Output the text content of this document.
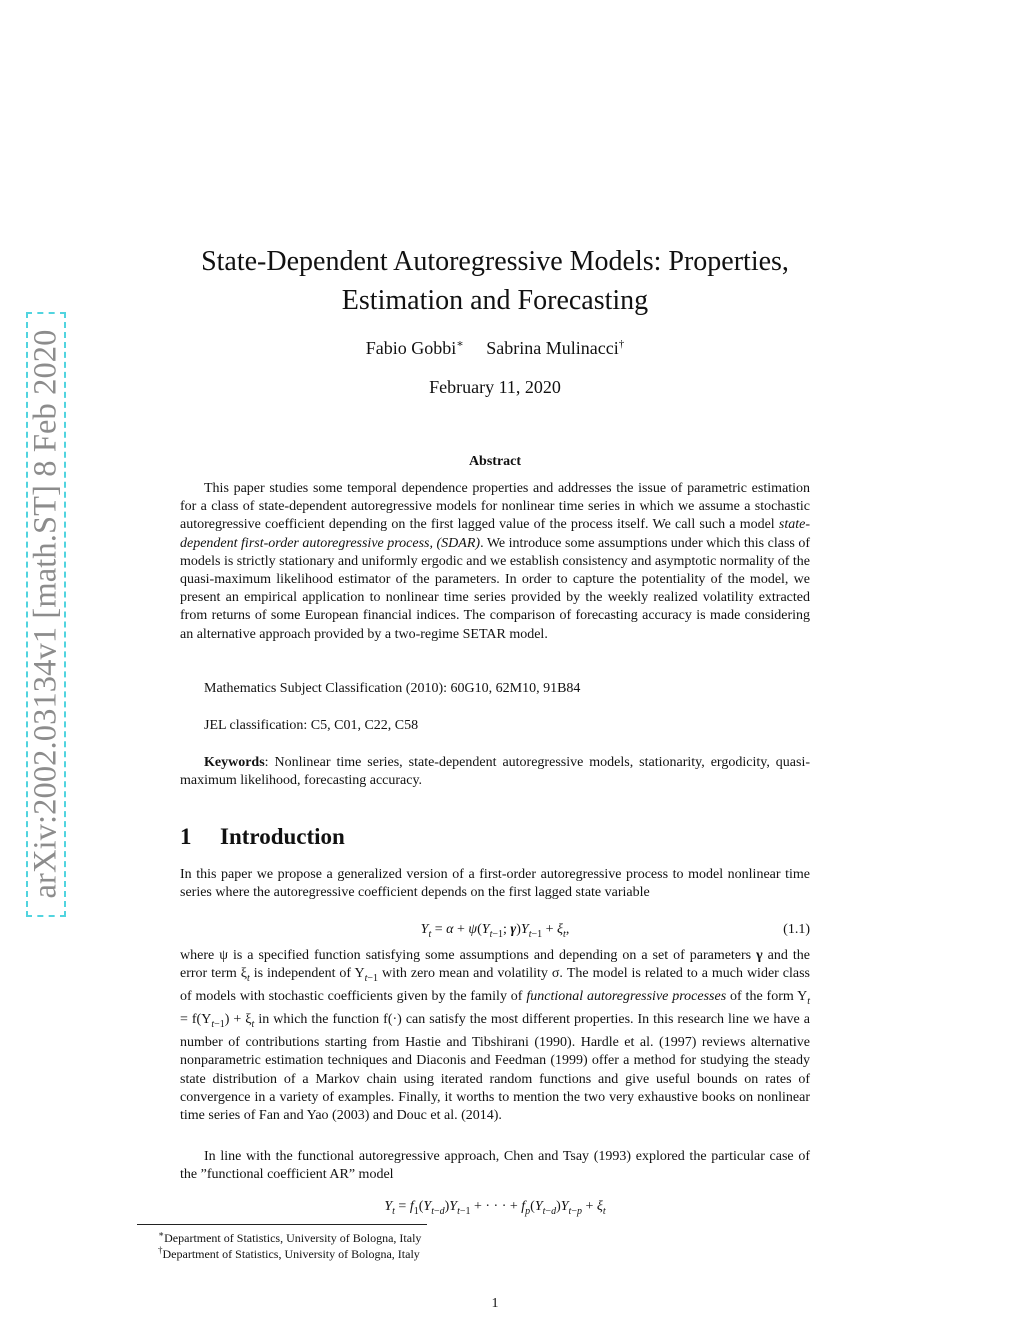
arXiv:2002.03134v1 [math.ST] 8 Feb 2020
State-Dependent Autoregressive Models: Properties,
Estimation and Forecasting
Fabio Gobbi∗ Sabrina Mulinacci†
February 11, 2020
Abstract

This paper studies some temporal dependence properties and addresses the issue of parametric estimation for a class of state-dependent autoregressive models for nonlinear time series in which we assume a stochastic autoregressive coefficient depending on the first lagged value of the process itself. We call such a model state-dependent first-order autoregressive process, (SDAR). We introduce some assumptions under which this class of models is strictly stationary and uniformly ergodic and we establish consistency and asymptotic normality of the quasi-maximum likelihood estimator of the parameters. In order to capture the potentiality of the model, we present an empirical application to nonlinear time series provided by the weekly realized volatility extracted from returns of some European financial indices. The comparison of forecasting accuracy is made considering an alternative approach provided by a two-regime SETAR model.

Mathematics Subject Classification (2010): 60G10, 62M10, 91B84
JEL classification: C5, C01, C22, C58

Keywords: Nonlinear time series, state-dependent autoregressive models, stationarity, ergodicity, quasi-maximum likelihood, forecasting accuracy.

1 Introduction

In this paper we propose a generalized version of a first-order autoregressive process to model nonlinear time series where the autoregressive coefficient depends on the first lagged state variable

$Y_t = \alpha + \psi(Y_{t-1}$; $\gamma)Y_{t-1} + \xi_t$,	(1.1)

where ψ is a specified function satisfying some assumptions and depending on a set of parameters γ and the error term $\xi_t$ is independent of $Y_{t-1}$ with zero mean and volatility σ. The model is related to a much wider class of models with stochastic coefficients given by the family of functional autoregressive processes of the form $Y_t = f(Y_{t-1}) + \xi_t$ in which the function f(·) can satisfy the most different properties. In this research line we have a number of contributions starting from Hastie and Tibshirani (1990). Hardle et al. (1997) reviews alternative nonparametric estimation techniques and Diaconis and Feedman (1999) offer a method for studying the steady state distribution of a Markov chain using iterated random functions and give useful bounds on rates of convergence in a variety of examples. Finally, it worths to mention the two very exhaustive books on nonlinear time series of Fan and Yao (2003) and Douc et al. (2014).

In line with the functional autoregressive approach, Chen and Tsay (1993) explored the particular case of the ”functional coefficient AR” model

$Y_t = f_1(Y_{t-d})Y_{t-1}$ + · · · + $f_p(Y_{t-d})Y_{t-p} + \xi_t$
∗Department of Statistics, University of Bologna, Italy
†Department of Statistics, University of Bologna, Italy
1
